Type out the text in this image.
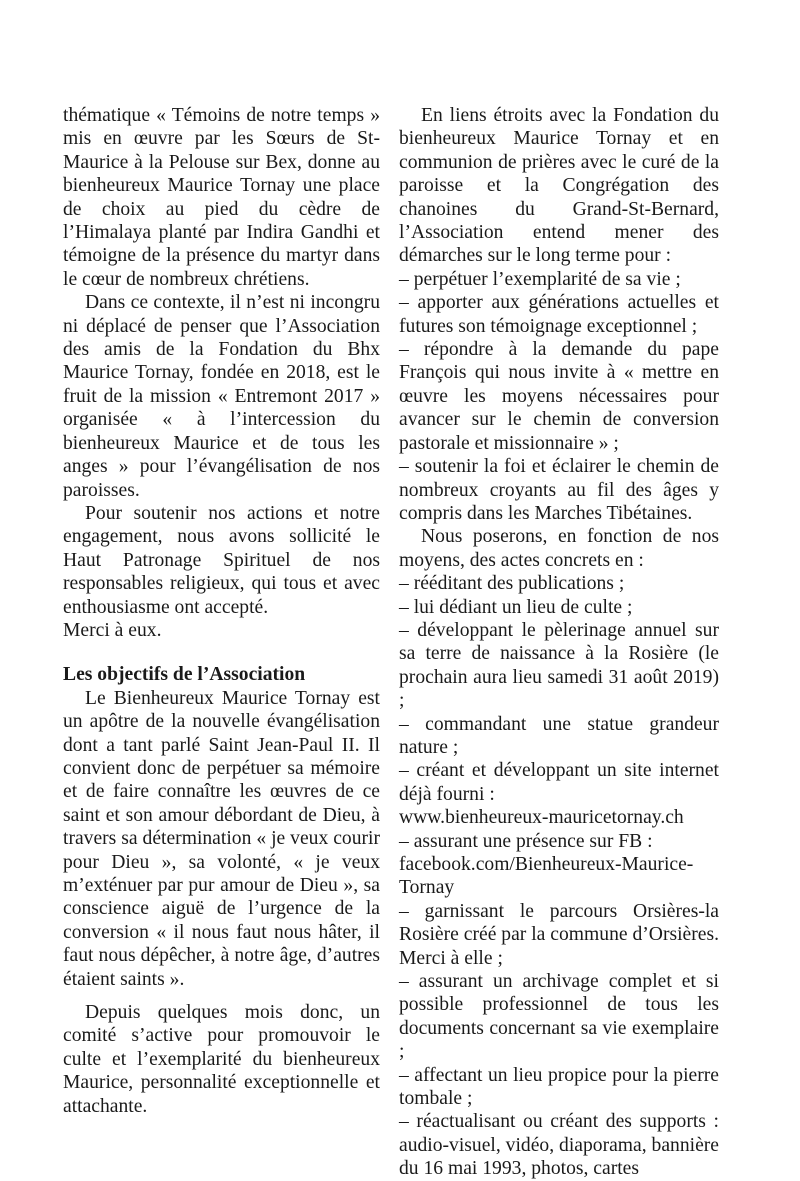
thématique « Témoins de notre temps » mis en œuvre par les Sœurs de St-Maurice à la Pelouse sur Bex, donne au bienheureux Maurice Tornay une place de choix au pied du cèdre de l’Himalaya planté par Indira Gandhi et témoigne de la présence du martyr dans le cœur de nombreux chrétiens.

Dans ce contexte, il n’est ni incongru ni déplacé de penser que l’Association des amis de la Fondation du Bhx Maurice Tornay, fondée en 2018, est le fruit de la mission « Entremont 2017 » organisée « à l’intercession du bienheureux Maurice et de tous les anges » pour l’évangélisation de nos paroisses.

Pour soutenir nos actions et notre engagement, nous avons sollicité le Haut Patronage Spirituel de nos responsables religieux, qui tous et avec enthousiasme ont accepté.

Merci à eux.

Les objectifs de l’Association

Le Bienheureux Maurice Tornay est un apôtre de la nouvelle évangélisation dont a tant parlé Saint Jean-Paul II. Il convient donc de perpétuer sa mémoire et de faire connaître les œuvres de ce saint et son amour débordant de Dieu, à travers sa détermination « je veux courir pour Dieu », sa volonté, « je veux m’exténuer par pur amour de Dieu », sa conscience aiguë de l’urgence de la conversion « il nous faut nous hâter, il faut nous dépêcher, à notre âge, d’autres étaient saints ».

Depuis quelques mois donc, un comité s’active pour promouvoir le culte et l’exemplarité du bienheureux Maurice, personnalité exceptionnelle et attachante.

En liens étroits avec la Fondation du bienheureux Maurice Tornay et en communion de prières avec le curé de la paroisse et la Congrégation des chanoines du Grand-St-Bernard, l’Association entend mener des démarches sur le long terme pour :

– perpétuer l’exemplarité de sa vie ;

– apporter aux générations actuelles et futures son témoignage exceptionnel ;

– répondre à la demande du pape François qui nous invite à « mettre en œuvre les moyens nécessaires pour avancer sur le chemin de conversion pastorale et missionnaire » ;

– soutenir la foi et éclairer le chemin de nombreux croyants au fil des âges y compris dans les Marches Tibétaines.

Nous poserons, en fonction de nos moyens, des actes concrets en :

– rééditant des publications ;

– lui dédiant un lieu de culte ;

– développant le pèlerinage annuel sur sa terre de naissance à la Rosière (le prochain aura lieu samedi 31 août 2019) ;

– commandant une statue grandeur nature ;

– créant et développant un site internet déjà fourni :

www.bienheureux-mauricetornay.ch

– assurant une présence sur FB :

facebook.com/Bienheureux-Maurice-Tornay

– garnissant le parcours Orsières-la Rosière créé par la commune d’Orsières. Merci à elle ;

– assurant un archivage complet et si possible professionnel de tous les documents concernant sa vie exemplaire ;

– affectant un lieu propice pour la pierre tombale ;

– réactualisant ou créant des supports : audio-visuel, vidéo, diaporama, bannière du 16 mai 1993, photos, cartes
